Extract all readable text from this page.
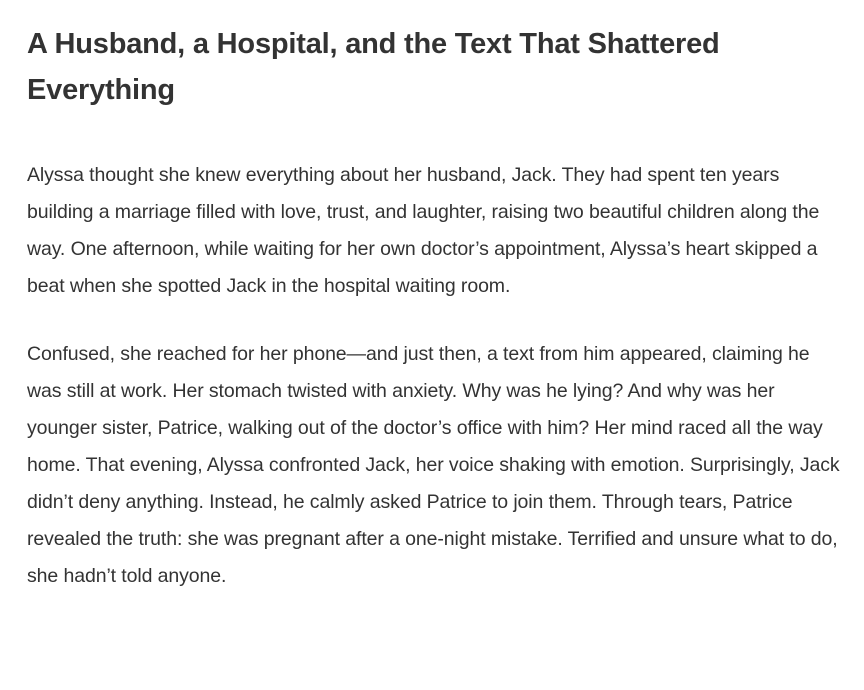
A Husband, a Hospital, and the Text That Shattered Everything

Alyssa thought she knew everything about her husband, Jack. They had spent ten years building a marriage filled with love, trust, and laughter, raising two beautiful children along the way. One afternoon, while waiting for her own doctor’s appointment, Alyssa’s heart skipped a beat when she spotted Jack in the hospital waiting room.

Confused, she reached for her phone—and just then, a text from him appeared, claiming he was still at work. Her stomach twisted with anxiety. Why was he lying? And why was her younger sister, Patrice, walking out of the doctor’s office with him? Her mind raced all the way home. That evening, Alyssa confronted Jack, her voice shaking with emotion. Surprisingly, Jack didn’t deny anything. Instead, he calmly asked Patrice to join them. Through tears, Patrice revealed the truth: she was pregnant after a one-night mistake. Terrified and unsure what to do, she hadn’t told anyone.
